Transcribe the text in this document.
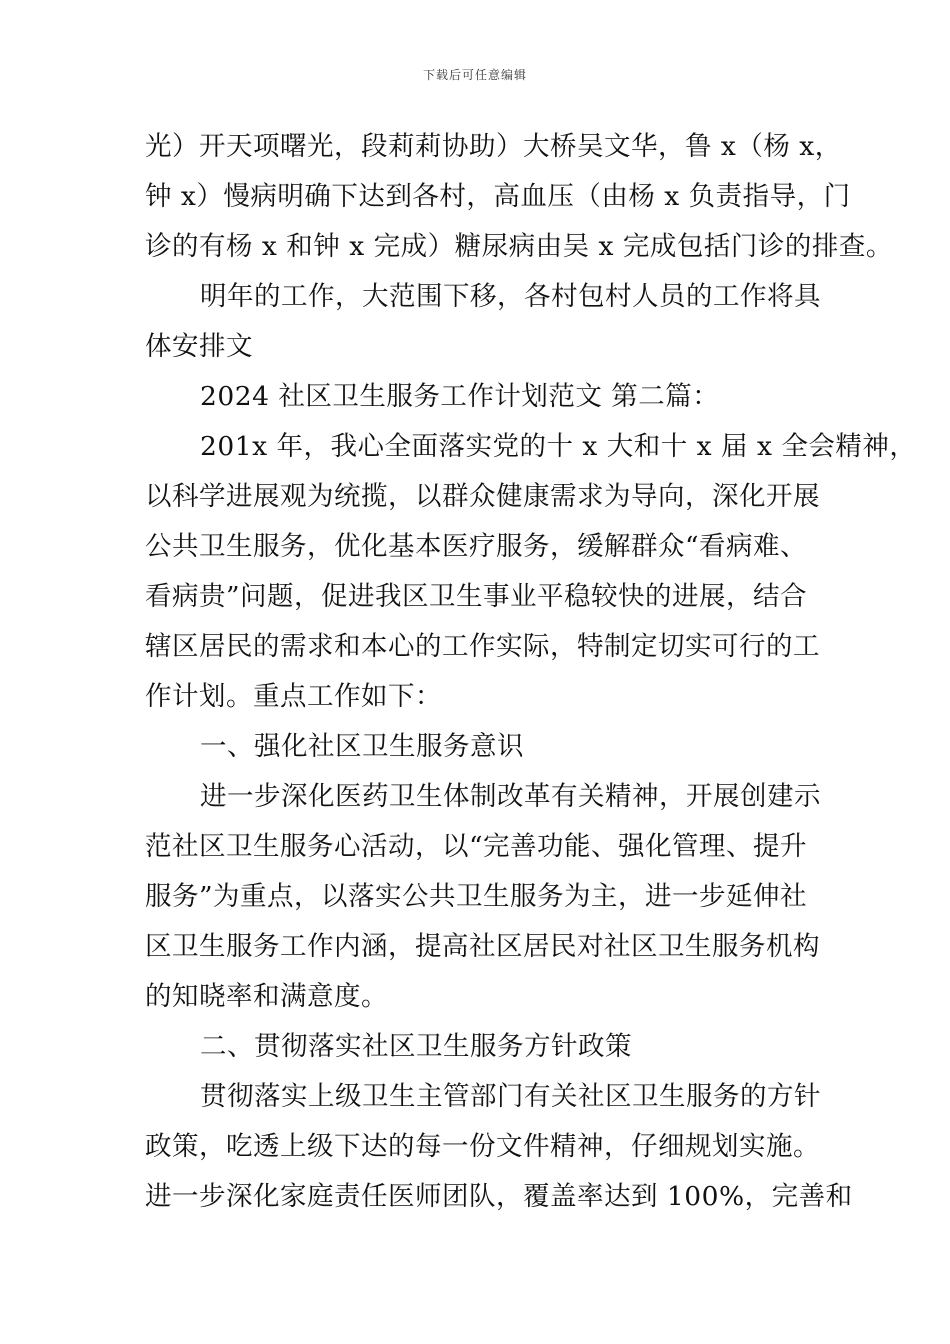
下载后可任意编辑
光）开天项曙光，段莉莉协助）大桥吴文华，鲁 x（杨 x，
钟 x）慢病明确下达到各村，高血压（由杨 x 负责指导，门
诊的有杨 x 和钟 x 完成）糖尿病由吴 x 完成包括门诊的排查。
明年的工作，大范围下移，各村包村人员的工作将具
体安排文
2024 社区卫生服务工作计划范文 第二篇：
201x 年，我心全面落实党的十 x 大和十 x 届 x 全会精神，
以科学进展观为统揽，以群众健康需求为导向，深化开展
公共卫生服务，优化基本医疗服务，缓解群众“看病难、
看病贵”问题，促进我区卫生事业平稳较快的进展，结合
辖区居民的需求和本心的工作实际，特制定切实可行的工
作计划。重点工作如下：
一、强化社区卫生服务意识
进一步深化医药卫生体制改革有关精神，开展创建示
范社区卫生服务心活动，以“完善功能、强化管理、提升
服务”为重点，以落实公共卫生服务为主，进一步延伸社
区卫生服务工作内涵，提高社区居民对社区卫生服务机构
的知晓率和满意度。
二、贯彻落实社区卫生服务方针政策
贯彻落实上级卫生主管部门有关社区卫生服务的方针
政策，吃透上级下达的每一份文件精神，仔细规划实施。
进一步深化家庭责任医师团队，覆盖率达到 100%，完善和
